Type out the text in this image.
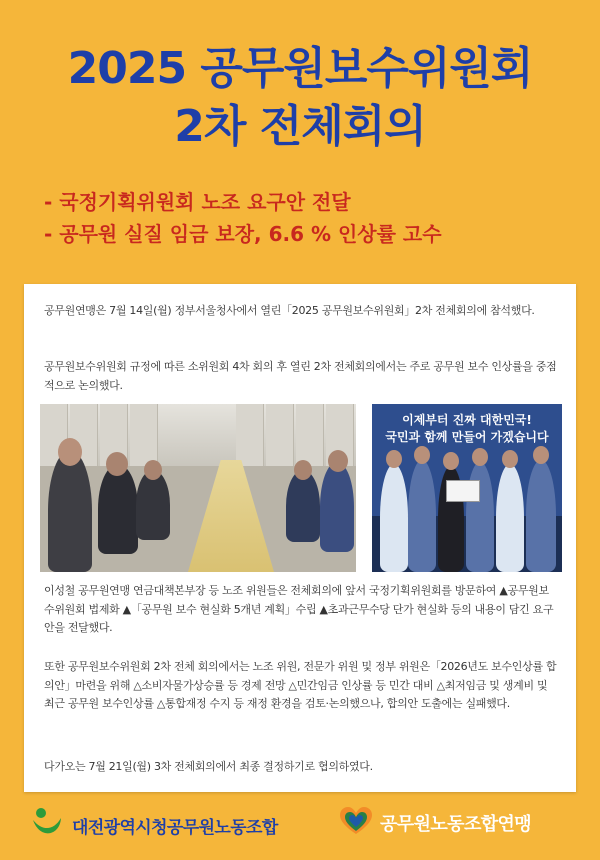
2025 공무원보수위원회
2차 전체회의
- 국정기획위원회 노조 요구안 전달
- 공무원 실질 임금 보장, 6.6 % 인상률 고수

공무원연맹은 7월 14일(월) 정부서울청사에서 열린「2025 공무원보수위원회」2차 전체회의에 참석했다.

공무원보수위원회 규정에 따른 소위원회 4차 회의 후 열린 2차 전체회의에서는 주로 공무원 보수 인상률을 중점적으로 논의했다.

이제부터 진짜 대한민국!
국민과 함께 만들어 가겠습니다

이성철 공무원연맹 연금대책본부장 등 노조 위원들은 전체회의에 앞서 국정기획위원회를 방문하여 ▲공무원보수위원회 법제화 ▲「공무원 보수 현실화 5개년 계획」수립 ▲초과근무수당 단가 현실화 등의 내용이 담긴 요구안을 전달했다.

또한 공무원보수위원회 2차 전체 회의에서는 노조 위원, 전문가 위원 및 정부 위원은「2026년도 보수인상률 합의안」마련을 위해 △소비자물가상승률 등 경제 전망 △민간임금 인상률 등 민간 대비 △최저임금 및 생계비 및 최근 공무원 보수인상률 △통합재정 수지 등 재정 환경을 검토·논의했으나, 합의안 도출에는 실패했다.

다가오는 7월 21일(월) 3차 전체회의에서 최종 결정하기로 협의하였다.

대전광역시청공무원노동조합	공무원노동조합연맹
